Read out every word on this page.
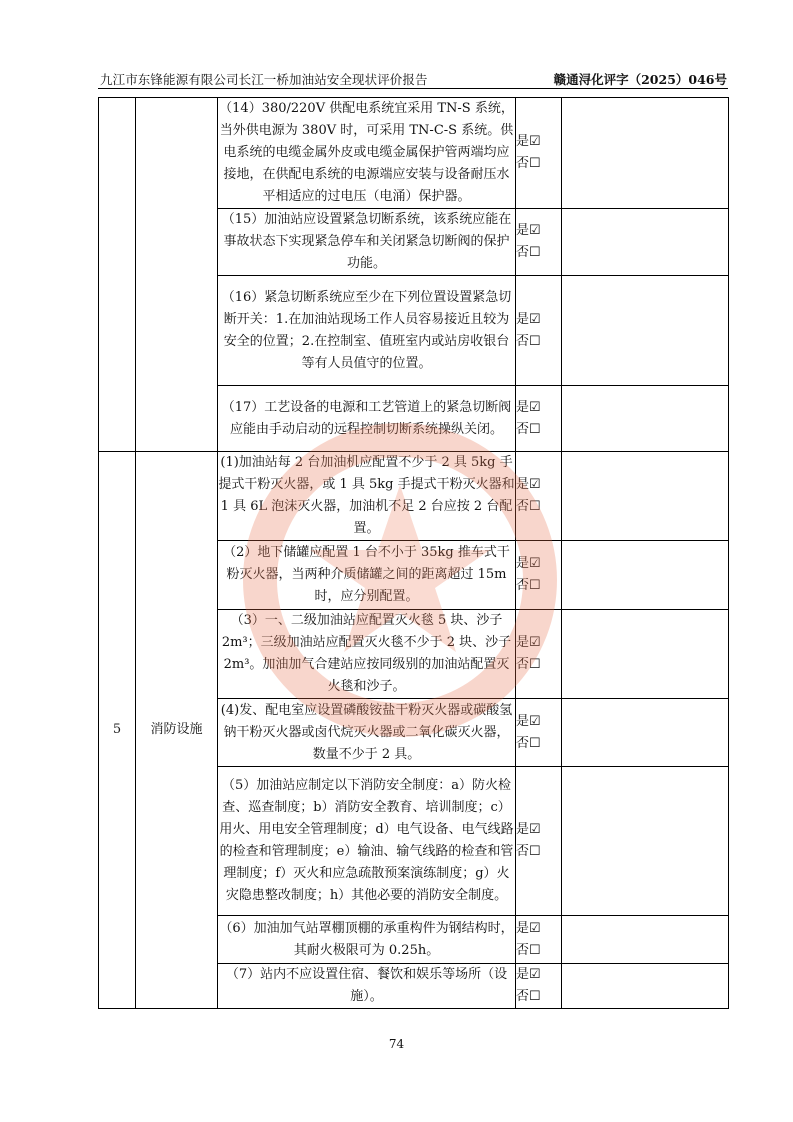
九江市东锋能源有限公司长江一桥加油站安全现状评价报告	赣通浔化评字（2025）046号
		（14）380/220V 供配电系统宜采用 TN-S 系统，当外供电源为 380V 时，可采用 TN-C-S 系统。供电系统的电缆金属外皮或电缆金属保护管两端均应接地，在供配电系统的电源端应安装与设备耐压水平相适应的过电压（电涌）保护器。	是☑
否☐	

		（15）加油站应设置紧急切断系统，该系统应能在事故状态下实现紧急停车和关闭紧急切断阀的保护功能。	是☑
否☐	

		（16）紧急切断系统应至少在下列位置设置紧急切断开关：1.在加油站现场工作人员容易接近且较为安全的位置；2.在控制室、值班室内或站房收银台等有人员值守的位置。	是☑
否☐	

		（17）工艺设备的电源和工艺管道上的紧急切断阀应能由手动启动的远程控制切断系统操纵关闭。	是☑
否☐	

5	消防设施	(1)加油站每 2 台加油机应配置不少于 2 具 5kg 手提式干粉灭火器，或 1 具 5kg 手提式干粉灭火器和 1 具 6L 泡沫灭火器，加油机不足 2 台应按 2 台配置。	是☑
否☐	

		（2）地下储罐应配置 1 台不小于 35kg 推车式干粉灭火器，当两种介质储罐之间的距离超过 15m 时，应分别配置。	是☑
否☐	

		（3）一、二级加油站应配置灭火毯 5 块、沙子 2m³；三级加油站应配置灭火毯不少于 2 块、沙子 2m³。加油加气合建站应按同级别的加油站配置灭火毯和沙子。	是☑
否☐	

		(4)发、配电室应设置磷酸铵盐干粉灭火器或碳酸氢钠干粉灭火器或卤代烷灭火器或二氧化碳灭火器，数量不少于 2 具。	是☑
否☐	

		（5）加油站应制定以下消防安全制度：a）防火检查、巡查制度；b）消防安全教育、培训制度；c）用火、用电安全管理制度；d）电气设备、电气线路的检查和管理制度；e）输油、输气线路的检查和管理制度；f）灭火和应急疏散预案演练制度；g）火灾隐患整改制度；h）其他必要的消防安全制度。	是☑
否☐	

		（6）加油加气站罩棚顶棚的承重构件为钢结构时，其耐火极限可为 0.25h。	是☑
否☐	

		（7）站内不应设置住宿、餐饮和娱乐等场所（设施）。	是☑
否☐	

74
